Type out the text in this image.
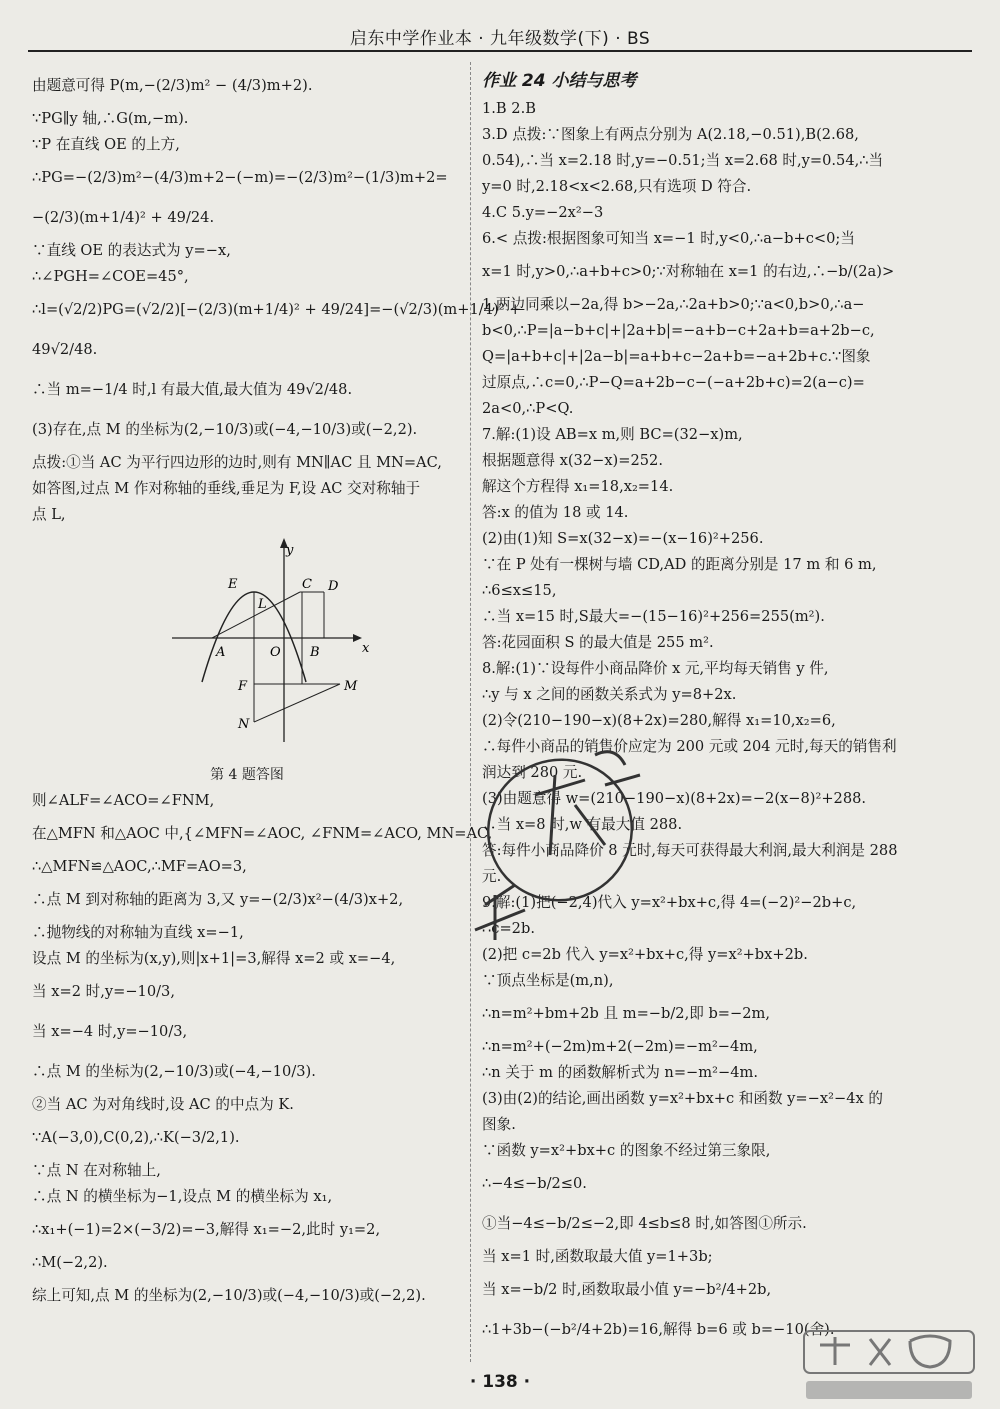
启东中学作业本 · 九年级数学(下) · BS
由题意可得 P(m,−(2/3)m² − (4/3)m+2).
∵PG∥y 轴,∴G(m,−m).
∵P 在直线 OE 的上方,
∴PG=−(2/3)m²−(4/3)m+2−(−m)=−(2/3)m²−(1/3)m+2=
−(2/3)(m+1/4)² + 49/24.
∵直线 OE 的表达式为 y=−x,
∴∠PGH=∠COE=45°,
∴l=(√2/2)PG=(√2/2)[−(2/3)(m+1/4)² + 49/24]=−(√2/3)(m+1/4)² +
49√2/48.
∴当 m=−1/4 时,l 有最大值,最大值为 49√2/48.
(3)存在,点 M 的坐标为(2,−10/3)或(−4,−10/3)或(−2,2).
点拨:①当 AC 为平行四边形的边时,则有 MN∥AC 且 MN=AC,
如答图,过点 M 作对称轴的垂线,垂足为 F,设 AC 交对称轴于
点 L,
y
x
E	C D
L
A	O B
F	M
N
第 4 题答图
则∠ALF=∠ACO=∠FNM,
在△MFN 和△AOC 中,{∠MFN=∠AOC, ∠FNM=∠ACO, MN=AC,
∴△MFN≌△AOC,∴MF=AO=3,
∴点 M 到对称轴的距离为 3,又 y=−(2/3)x²−(4/3)x+2,
∴抛物线的对称轴为直线 x=−1,
设点 M 的坐标为(x,y),则|x+1|=3,解得 x=2 或 x=−4,
当 x=2 时,y=−10/3,
当 x=−4 时,y=−10/3,
∴点 M 的坐标为(2,−10/3)或(−4,−10/3).
②当 AC 为对角线时,设 AC 的中点为 K.
∵A(−3,0),C(0,2),∴K(−3/2,1).
∵点 N 在对称轴上,
∴点 N 的横坐标为−1,设点 M 的横坐标为 x₁,
∴x₁+(−1)=2×(−3/2)=−3,解得 x₁=−2,此时 y₁=2,
∴M(−2,2).
综上可知,点 M 的坐标为(2,−10/3)或(−4,−10/3)或(−2,2).
作业 24 小结与思考
1.B 2.B
3.D 点拨:∵图象上有两点分别为 A(2.18,−0.51),B(2.68,
0.54),∴当 x=2.18 时,y=−0.51;当 x=2.68 时,y=0.54,∴当
y=0 时,2.18<x<2.68,只有选项 D 符合.
4.C 5.y=−2x²−3
6.< 点拨:根据图象可知当 x=−1 时,y<0,∴a−b+c<0;当
x=1 时,y>0,∴a+b+c>0;∵对称轴在 x=1 的右边,∴−b/(2a)>
1,两边同乘以−2a,得 b>−2a,∴2a+b>0;∵a<0,b>0,∴a−
b<0,∴P=|a−b+c|+|2a+b|=−a+b−c+2a+b=a+2b−c,
Q=|a+b+c|+|2a−b|=a+b+c−2a+b=−a+2b+c.∵图象
过原点,∴c=0,∴P−Q=a+2b−c−(−a+2b+c)=2(a−c)=
2a<0,∴P<Q.
7.解:(1)设 AB=x m,则 BC=(32−x)m,
根据题意得 x(32−x)=252.
解这个方程得 x₁=18,x₂=14.
答:x 的值为 18 或 14.
(2)由(1)知 S=x(32−x)=−(x−16)²+256.
∵在 P 处有一棵树与墙 CD,AD 的距离分别是 17 m 和 6 m,
∴6≤x≤15,
∴当 x=15 时,S最大=−(15−16)²+256=255(m²).
答:花园面积 S 的最大值是 255 m².
8.解:(1)∵设每件小商品降价 x 元,平均每天销售 y 件,
∴y 与 x 之间的函数关系式为 y=8+2x.
(2)令(210−190−x)(8+2x)=280,解得 x₁=10,x₂=6,
∴每件小商品的销售价应定为 200 元或 204 元时,每天的销售利
润达到 280 元.
(3)由题意得 w=(210−190−x)(8+2x)=−2(x−8)²+288.
∴当 x=8 时,w 有最大值 288.
答:每件小商品降价 8 元时,每天可获得最大利润,最大利润是 288
元.
9.解:(1)把(−2,4)代入 y=x²+bx+c,得 4=(−2)²−2b+c,
∴c=2b.
(2)把 c=2b 代入 y=x²+bx+c,得 y=x²+bx+2b.
∵顶点坐标是(m,n),
∴n=m²+bm+2b 且 m=−b/2,即 b=−2m,
∴n=m²+(−2m)m+2(−2m)=−m²−4m,
∴n 关于 m 的函数解析式为 n=−m²−4m.
(3)由(2)的结论,画出函数 y=x²+bx+c 和函数 y=−x²−4x 的
图象.
∵函数 y=x²+bx+c 的图象不经过第三象限,
∴−4≤−b/2≤0.
①当−4≤−b/2≤−2,即 4≤b≤8 时,如答图①所示.
当 x=1 时,函数取最大值 y=1+3b;
当 x=−b/2 时,函数取最小值 y=−b²/4+2b,
∴1+3b−(−b²/4+2b)=16,解得 b=6 或 b=−10(舍).
· 138 ·
